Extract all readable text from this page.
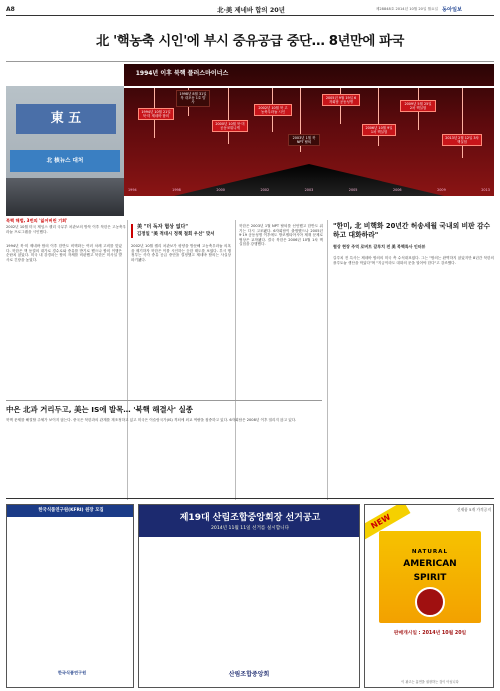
A8	北·美 제네바 합의 20년	제28848호 2014년 10월 20일 월요일 동아일보
北 '핵농축 시인'에 부시 중유공급 중단… 8년만에 파국
東 五
北 核뉴스 대처
1994년 이후 북핵 플러스마이너스
1994년 10월 21일 북·미 제네바 합의
1998년 8월 31일 북 대포동 1호 발사
2000년 10월 북·미 공동코뮈니케
2002년 10월 북 고농축우라늄 시인
2003년 1월 북 NPT 탈퇴
2005년 9월 19일 6자회담 공동성명
2006년 10월 9일 1차 핵실험
2009년 5월 25일 2차 핵실험
2013년 2월 12일 3차 핵실험
1994	1998	2000	2002	2003	2005	2006	2009	2013
북핵 해법, 3번의 '잃어버린 기회'
2002년 10월 미국 제임스 켈리 국무부 차관보의 방북 이후 북한은 고농축우라늄 프로그램을 시인했다.
1994년 북·미 제네바 합의 이후 한반도 비핵화는 여러 차례 고비를 맞았다. 북한은 핵 동결의 대가로 경수로와 중유를 받기로 했으나 합의 이행은 순탄치 않았다. 미국 내 강경파는 합의 자체를 비판했고 북한은 미사일 발사로 긴장을 높였다.
美 "더 독자 협상 없다"
김정일 "美 적대시 정책 철회 우선" 맞서
2002년 10월 켈리 차관보가 평양을 방문해 고농축우라늄 의혹을 제기하자 북한은 이를 시인하는 듯한 태도를 보였다. 부시 행정부는 즉각 중유 공급 중단을 결정했고 제네바 합의는 사실상 파기됐다.
북한은 2003년 1월 NPT 탈퇴를 선언했고 한반도 위기는 다시 고조됐다. 6자회담이 출범했으나 2005년 9·19 공동성명 이후에도 방코델타아시아 제재 문제로 협상은 교착됐다. 결국 북한은 2006년 10월 1차 핵실험을 강행했다.
"한미, 北 비핵화 20년간 허송세월 국내외 비판 감수하고 대화하라"
협상 현장 주역 로버트 갈루치 전 美 북핵특사 인터뷰
갈루치 전 특사는 제네바 합의의 미국 측 수석대표였다. 그는 "합의는 완벽하지 않았지만 8년간 북한의 플루토늄 생산을 막았다"며 "지금이라도 대화의 문을 열어야 한다"고 강조했다.
中은 北과 거리두고, 美는 IS에 발목… '북핵 해결사' 실종
북핵 문제를 해결할 주체가 보이지 않는다. 중국은 북한과의 관계를 재조정하고 있고 미국은 이슬람국가(IS) 격퇴에 외교 역량을 집중하고 있다. 6자회담은 2008년 이후 열리지 않고 있다.
한국식품연구원(KFRI) 원장 모집
한국식품연구원
제19대 산림조합중앙회장 선거공고
2014년 11월 11일 선거를 실시합니다
산림조합중앙회
신제품 5개 가격공지
NATURAL
AMERICAN
SPIRIT
NEW
판매개시일 : 2014년 10월 20일
이 광고는 흡연을 권장하는 것이 아닙니다
